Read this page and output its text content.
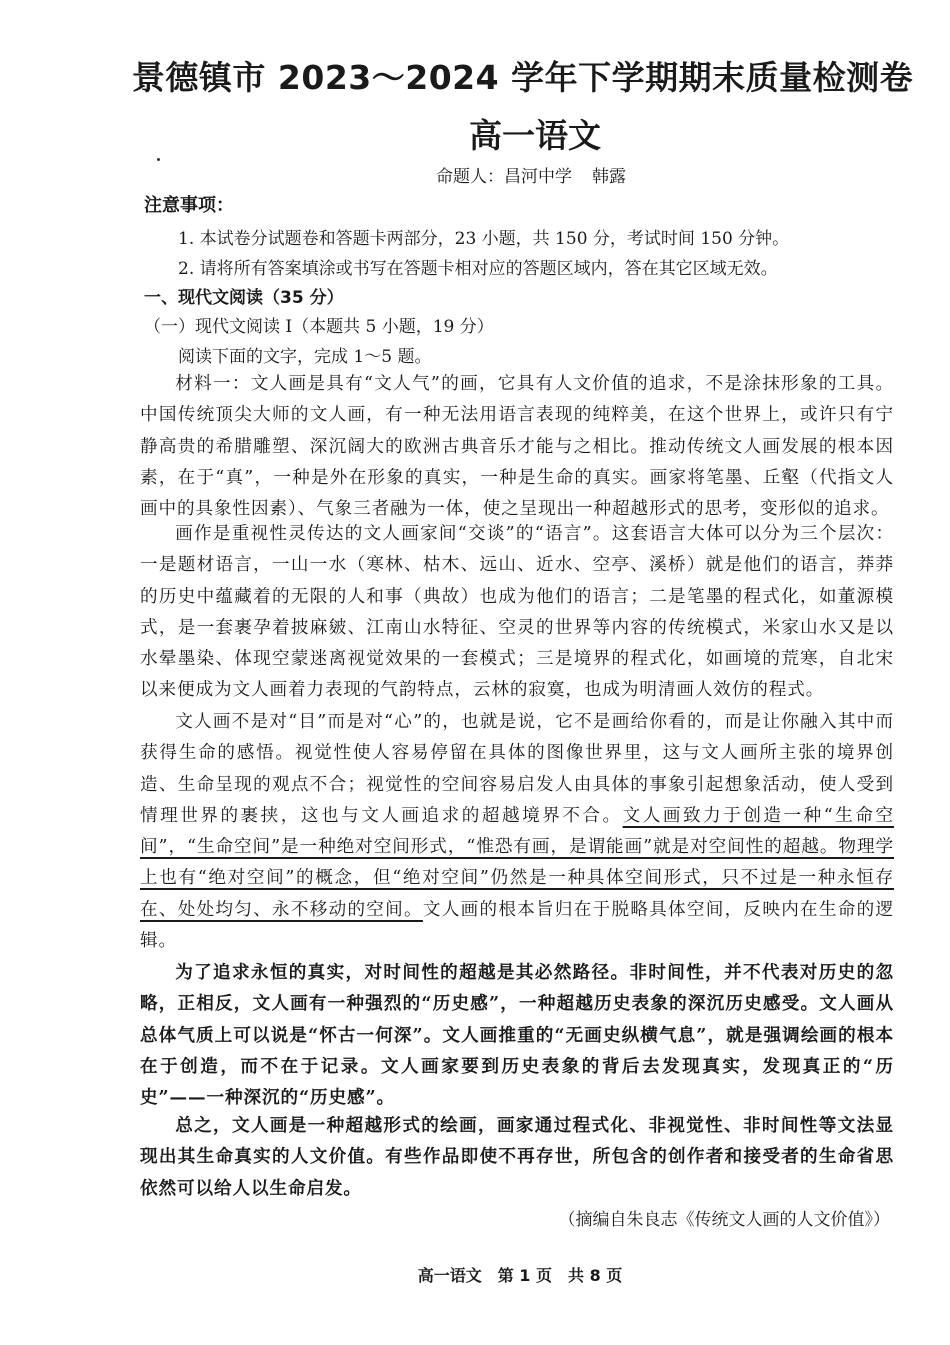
景德镇市 2023～2024 学年下学期期末质量检测卷
高一语文
命题人：昌河中学 韩露
注意事项：
1. 本试卷分试题卷和答题卡两部分，23 小题，共 150 分，考试时间 150 分钟。
2. 请将所有答案填涂或书写在答题卡相对应的答题区域内，答在其它区域无效。
一、现代文阅读（35 分）
（一）现代文阅读 I（本题共 5 小题，19 分）
阅读下面的文字，完成 1～5 题。
材料一：文人画是具有“文人气”的画，它具有人文价值的追求，不是涂抹形象的工具。中国传统顶尖大师的文人画，有一种无法用语言表现的纯粹美，在这个世界上，或许只有宁静高贵的希腊雕塑、深沉阔大的欧洲古典音乐才能与之相比。推动传统文人画发展的根本因素，在于“真”，一种是外在形象的真实，一种是生命的真实。画家将笔墨、丘壑（代指文人画中的具象性因素）、气象三者融为一体，使之呈现出一种超越形式的思考，变形似的追求。
画作是重视性灵传达的文人画家间“交谈”的“语言”。这套语言大体可以分为三个层次：一是题材语言，一山一水（寒林、枯木、远山、近水、空亭、溪桥）就是他们的语言，莽莽的历史中蕴藏着的无限的人和事（典故）也成为他们的语言；二是笔墨的程式化，如董源模式，是一套裹孕着披麻皴、江南山水特征、空灵的世界等内容的传统模式，米家山水又是以水晕墨染、体现空蒙迷离视觉效果的一套模式；三是境界的程式化，如画境的荒寒，自北宋以来便成为文人画着力表现的气韵特点，云林的寂寞，也成为明清画人效仿的程式。
文人画不是对“目”而是对“心”的，也就是说，它不是画给你看的，而是让你融入其中而获得生命的感悟。视觉性使人容易停留在具体的图像世界里，这与文人画所主张的境界创造、生命呈现的观点不合；视觉性的空间容易启发人由具体的事象引起想象活动，使人受到情理世界的裹挟，这也与文人画追求的超越境界不合。文人画致力于创造一种“生命空间”，“生命空间”是一种绝对空间形式，“惟恐有画，是谓能画”就是对空间性的超越。物理学上也有“绝对空间”的概念，但“绝对空间”仍然是一种具体空间形式，只不过是一种永恒存在、处处均匀、永不移动的空间。文人画的根本旨归在于脱略具体空间，反映内在生命的逻辑。
为了追求永恒的真实，对时间性的超越是其必然路径。非时间性，并不代表对历史的忽略，正相反，文人画有一种强烈的“历史感”，一种超越历史表象的深沉历史感受。文人画从总体气质上可以说是“怀古一何深”。文人画推重的“无画史纵横气息”，就是强调绘画的根本在于创造，而不在于记录。文人画家要到历史表象的背后去发现真实，发现真正的“历史”——一种深沉的“历史感”。
总之，文人画是一种超越形式的绘画，画家通过程式化、非视觉性、非时间性等文法显现出其生命真实的人文价值。有些作品即使不再存世，所包含的创作者和接受者的生命省思依然可以给人以生命启发。
（摘编自朱良志《传统文人画的人文价值》）
高一语文　第 1 页　共 8 页
